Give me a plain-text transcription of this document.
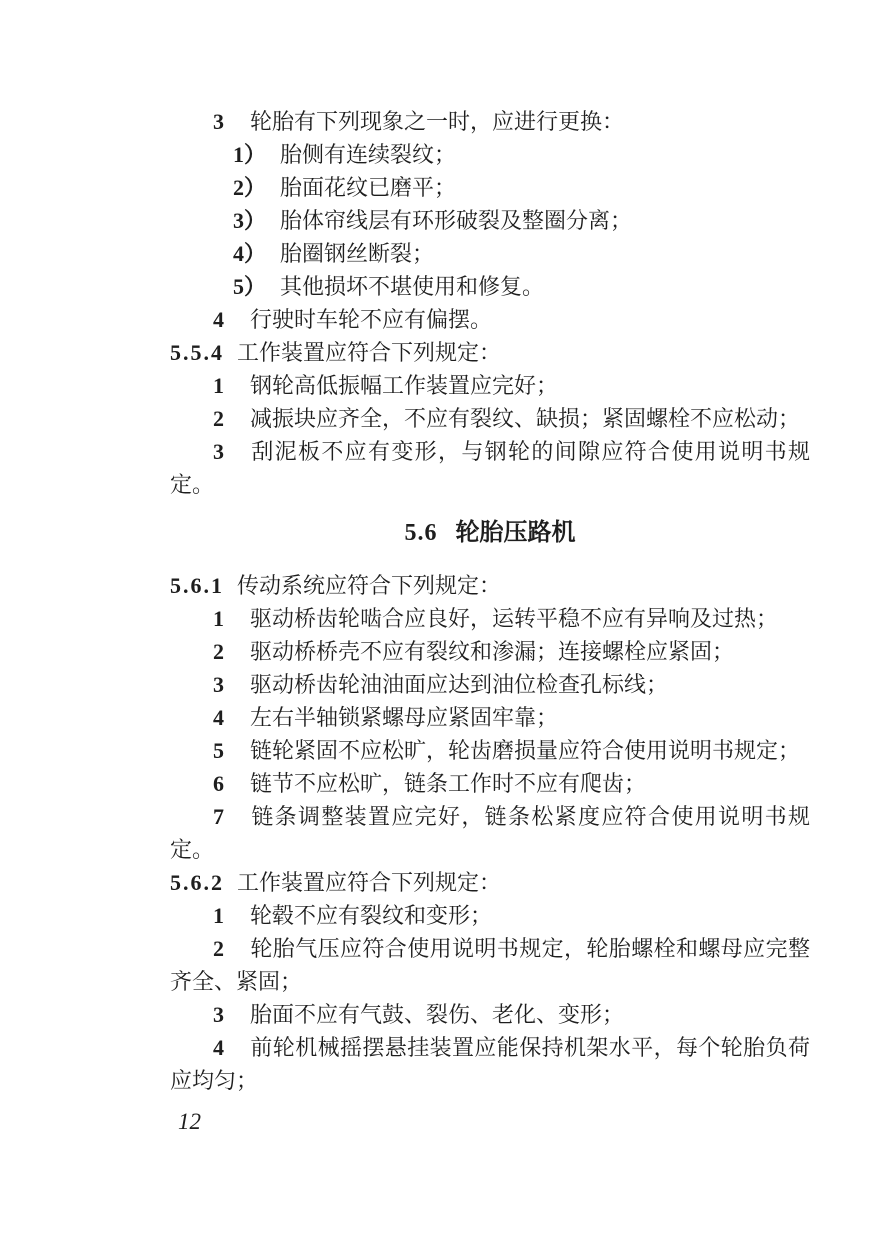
3 轮胎有下列现象之一时，应进行更换：

1） 胎侧有连续裂纹；

2） 胎面花纹已磨平；

3） 胎体帘线层有环形破裂及整圈分离；

4） 胎圈钢丝断裂；

5） 其他损坏不堪使用和修复。

4 行驶时车轮不应有偏摆。

5.5.4 工作装置应符合下列规定：

1 钢轮高低振幅工作装置应完好；

2 减振块应齐全，不应有裂纹、缺损；紧固螺栓不应松动；

3 刮泥板不应有变形，与钢轮的间隙应符合使用说明书规定。

5.6 轮胎压路机

5.6.1 传动系统应符合下列规定：

1 驱动桥齿轮啮合应良好，运转平稳不应有异响及过热；

2 驱动桥桥壳不应有裂纹和渗漏；连接螺栓应紧固；

3 驱动桥齿轮油油面应达到油位检查孔标线；

4 左右半轴锁紧螺母应紧固牢靠；

5 链轮紧固不应松旷，轮齿磨损量应符合使用说明书规定；

6 链节不应松旷，链条工作时不应有爬齿；

7 链条调整装置应完好，链条松紧度应符合使用说明书规定。

5.6.2 工作装置应符合下列规定：

1 轮毂不应有裂纹和变形；

2 轮胎气压应符合使用说明书规定，轮胎螺栓和螺母应完整齐全、紧固；

3 胎面不应有气鼓、裂伤、老化、变形；

4 前轮机械摇摆悬挂装置应能保持机架水平，每个轮胎负荷应均匀；

12
